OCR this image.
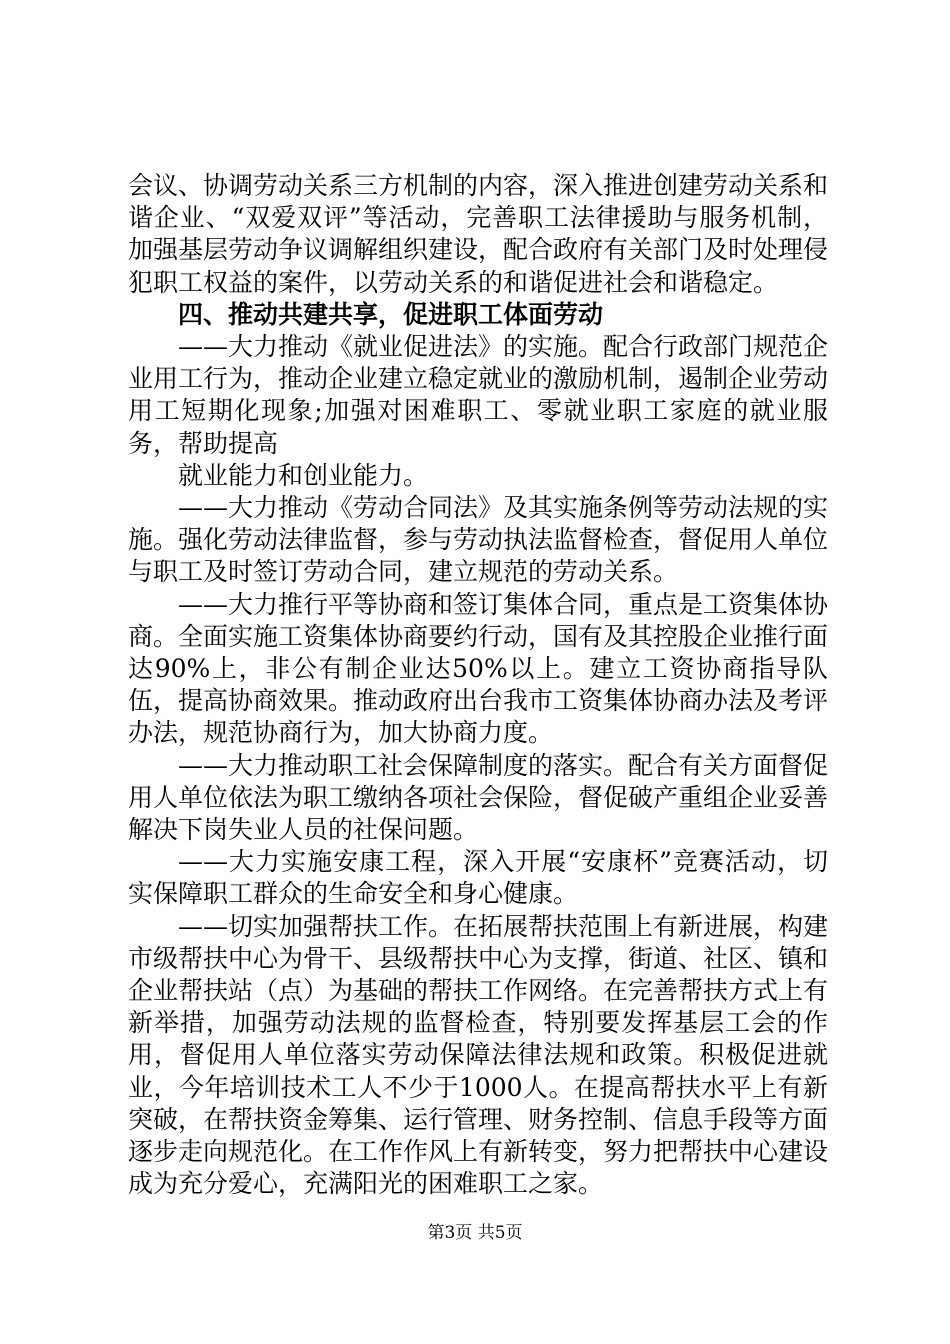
会议、协调劳动关系三方机制的内容，深入推进创建劳动关系和谐企业、“双爱双评”等活动，完善职工法律援助与服务机制，加强基层劳动争议调解组织建设，配合政府有关部门及时处理侵犯职工权益的案件，以劳动关系的和谐促进社会和谐稳定。

四、推动共建共享，促进职工体面劳动

——大力推动《就业促进法》的实施。配合行政部门规范企业用工行为，推动企业建立稳定就业的激励机制，遏制企业劳动用工短期化现象;加强对困难职工、零就业职工家庭的就业服务，帮助提高

就业能力和创业能力。

——大力推动《劳动合同法》及其实施条例等劳动法规的实施。强化劳动法律监督，参与劳动执法监督检查，督促用人单位与职工及时签订劳动合同，建立规范的劳动关系。

——大力推行平等协商和签订集体合同，重点是工资集体协商。全面实施工资集体协商要约行动，国有及其控股企业推行面达90%上，非公有制企业达50%以上。建立工资协商指导队伍，提高协商效果。推动政府出台我市工资集体协商办法及考评办法，规范协商行为，加大协商力度。

——大力推动职工社会保障制度的落实。配合有关方面督促用人单位依法为职工缴纳各项社会保险，督促破产重组企业妥善解决下岗失业人员的社保问题。

——大力实施安康工程，深入开展“安康杯”竞赛活动，切实保障职工群众的生命安全和身心健康。

——切实加强帮扶工作。在拓展帮扶范围上有新进展，构建市级帮扶中心为骨干、县级帮扶中心为支撑，街道、社区、镇和企业帮扶站（点）为基础的帮扶工作网络。在完善帮扶方式上有新举措，加强劳动法规的监督检查，特别要发挥基层工会的作用，督促用人单位落实劳动保障法律法规和政策。积极促进就业，今年培训技术工人不少于1000人。在提高帮扶水平上有新突破，在帮扶资金筹集、运行管理、财务控制、信息手段等方面逐步走向规范化。在工作作风上有新转变，努力把帮扶中心建设成为充分爱心，充满阳光的困难职工之家。

第3页 共5页
